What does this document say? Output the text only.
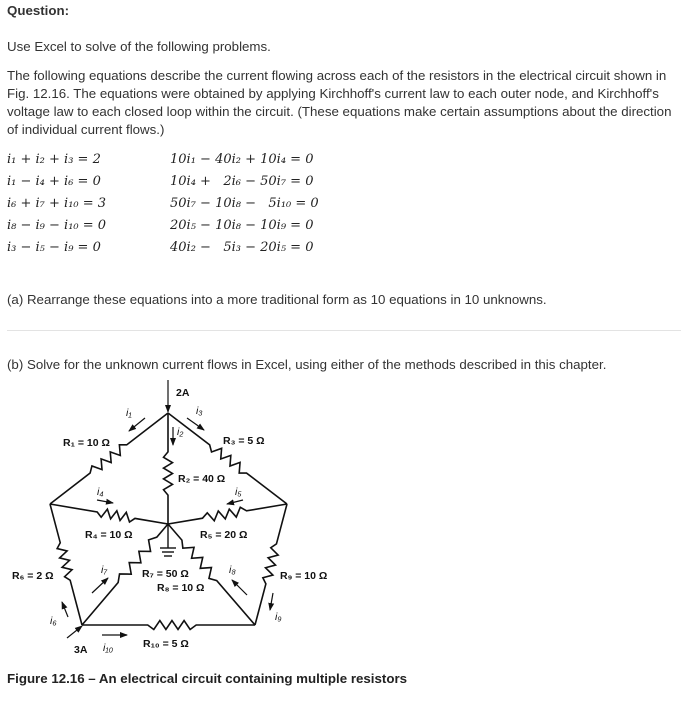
Question:
Use Excel to solve of the following problems.
The following equations describe the current flowing across each of the resistors in the electrical circuit shown in Fig. 12.16. The equations were obtained by applying Kirchhoff's current law to each outer node, and Kirchhoff's voltage law to each closed loop within the circuit. (These equations make certain assumptions about the direction of individual current flows.)
i₁ + i₂ + i₃ = 2
i₁ − i₄ + i₆ = 0
i₆ + i₇ + i₁₀ = 3
i₈ − i₉ − i₁₀ = 0
i₃ − i₅ − i₉ = 0
10i₁ − 40i₂ + 10i₄ = 0
10i₄ +   2i₆ − 50i₇ = 0
50i₇ − 10i₈ −   5i₁₀ = 0
20i₅ − 10i₈ − 10i₉ = 0
40i₂ −   5i₃ − 20i₅ = 0
(a) Rearrange these equations into a more traditional form as 10 equations in 10 unknowns.
(b) Solve for the unknown current flows in Excel, using either of the methods described in this chapter.
2A
3A
R₁ = 10 Ω
R₂ = 40 Ω
R₃ = 5 Ω
R₄ = 10 Ω	R₅ = 20 Ω
R₆ = 2 Ω	R₇ = 50 Ω
R₈ = 10 Ω
R₉ = 10 Ω
R₁₀ = 5 Ω
i₁
i₂
i₃
i₄	i₅
i₆
i₇	i₈
i₉
i₁₀
Figure 12.16 – An electrical circuit containing multiple resistors
